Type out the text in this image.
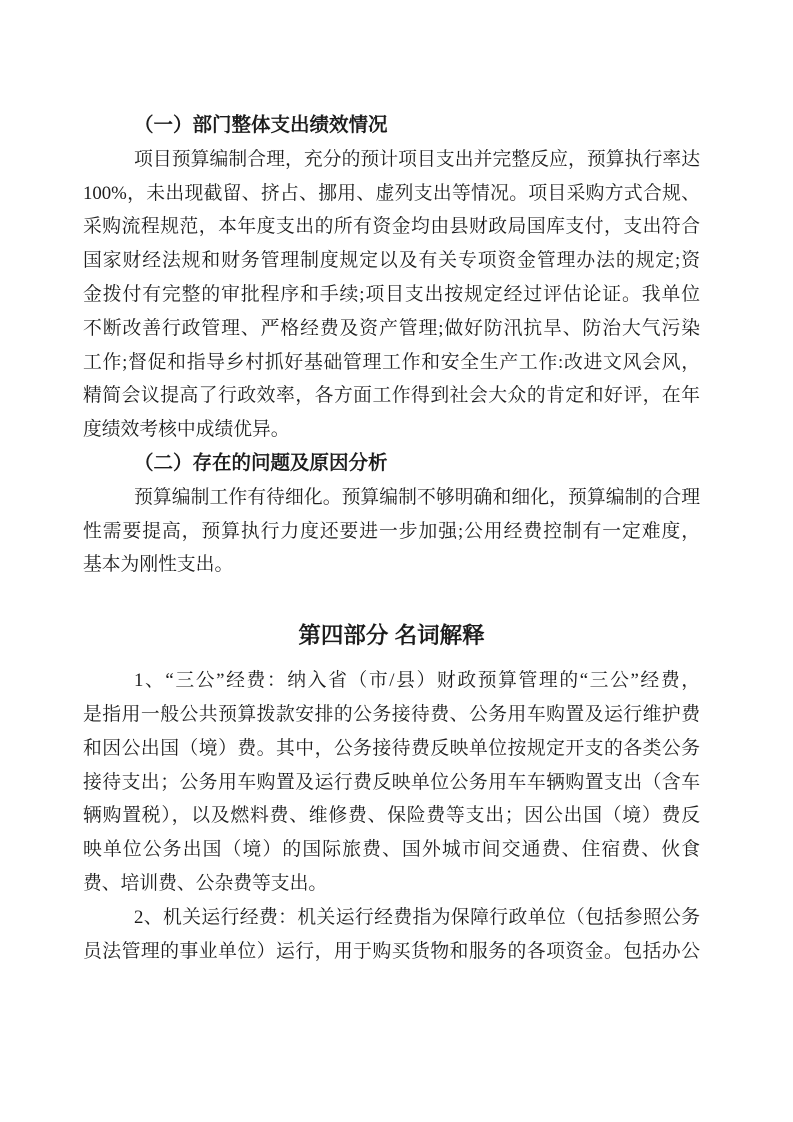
（一）部门整体支出绩效情况
项目预算编制合理，充分的预计项目支出并完整反应，预算执行率达
100%，未出现截留、挤占、挪用、虚列支出等情况。项目采购方式合规、
采购流程规范，本年度支出的所有资金均由县财政局国库支付，支出符合
国家财经法规和财务管理制度规定以及有关专项资金管理办法的规定;资
金拨付有完整的审批程序和手续;项目支出按规定经过评估论证。我单位
不断改善行政管理、严格经费及资产管理;做好防汛抗旱、防治大气污染
工作;督促和指导乡村抓好基础管理工作和安全生产工作:改进文风会风，
精简会议提高了行政效率，各方面工作得到社会大众的肯定和好评，在年
度绩效考核中成绩优异。
（二）存在的问题及原因分析
预算编制工作有待细化。预算编制不够明确和细化，预算编制的合理
性需要提高，预算执行力度还要进一步加强;公用经费控制有一定难度，
基本为刚性支出。
第四部分 名词解释
1、“三公”经费：纳入省（市/县）财政预算管理的“三公”经费，
是指用一般公共预算拨款安排的公务接待费、公务用车购置及运行维护费
和因公出国（境）费。其中，公务接待费反映单位按规定开支的各类公务
接待支出；公务用车购置及运行费反映单位公务用车车辆购置支出（含车
辆购置税），以及燃料费、维修费、保险费等支出；因公出国（境）费反
映单位公务出国（境）的国际旅费、国外城市间交通费、住宿费、伙食
费、培训费、公杂费等支出。
2、机关运行经费：机关运行经费指为保障行政单位（包括参照公务
员法管理的事业单位）运行，用于购买货物和服务的各项资金。包括办公
